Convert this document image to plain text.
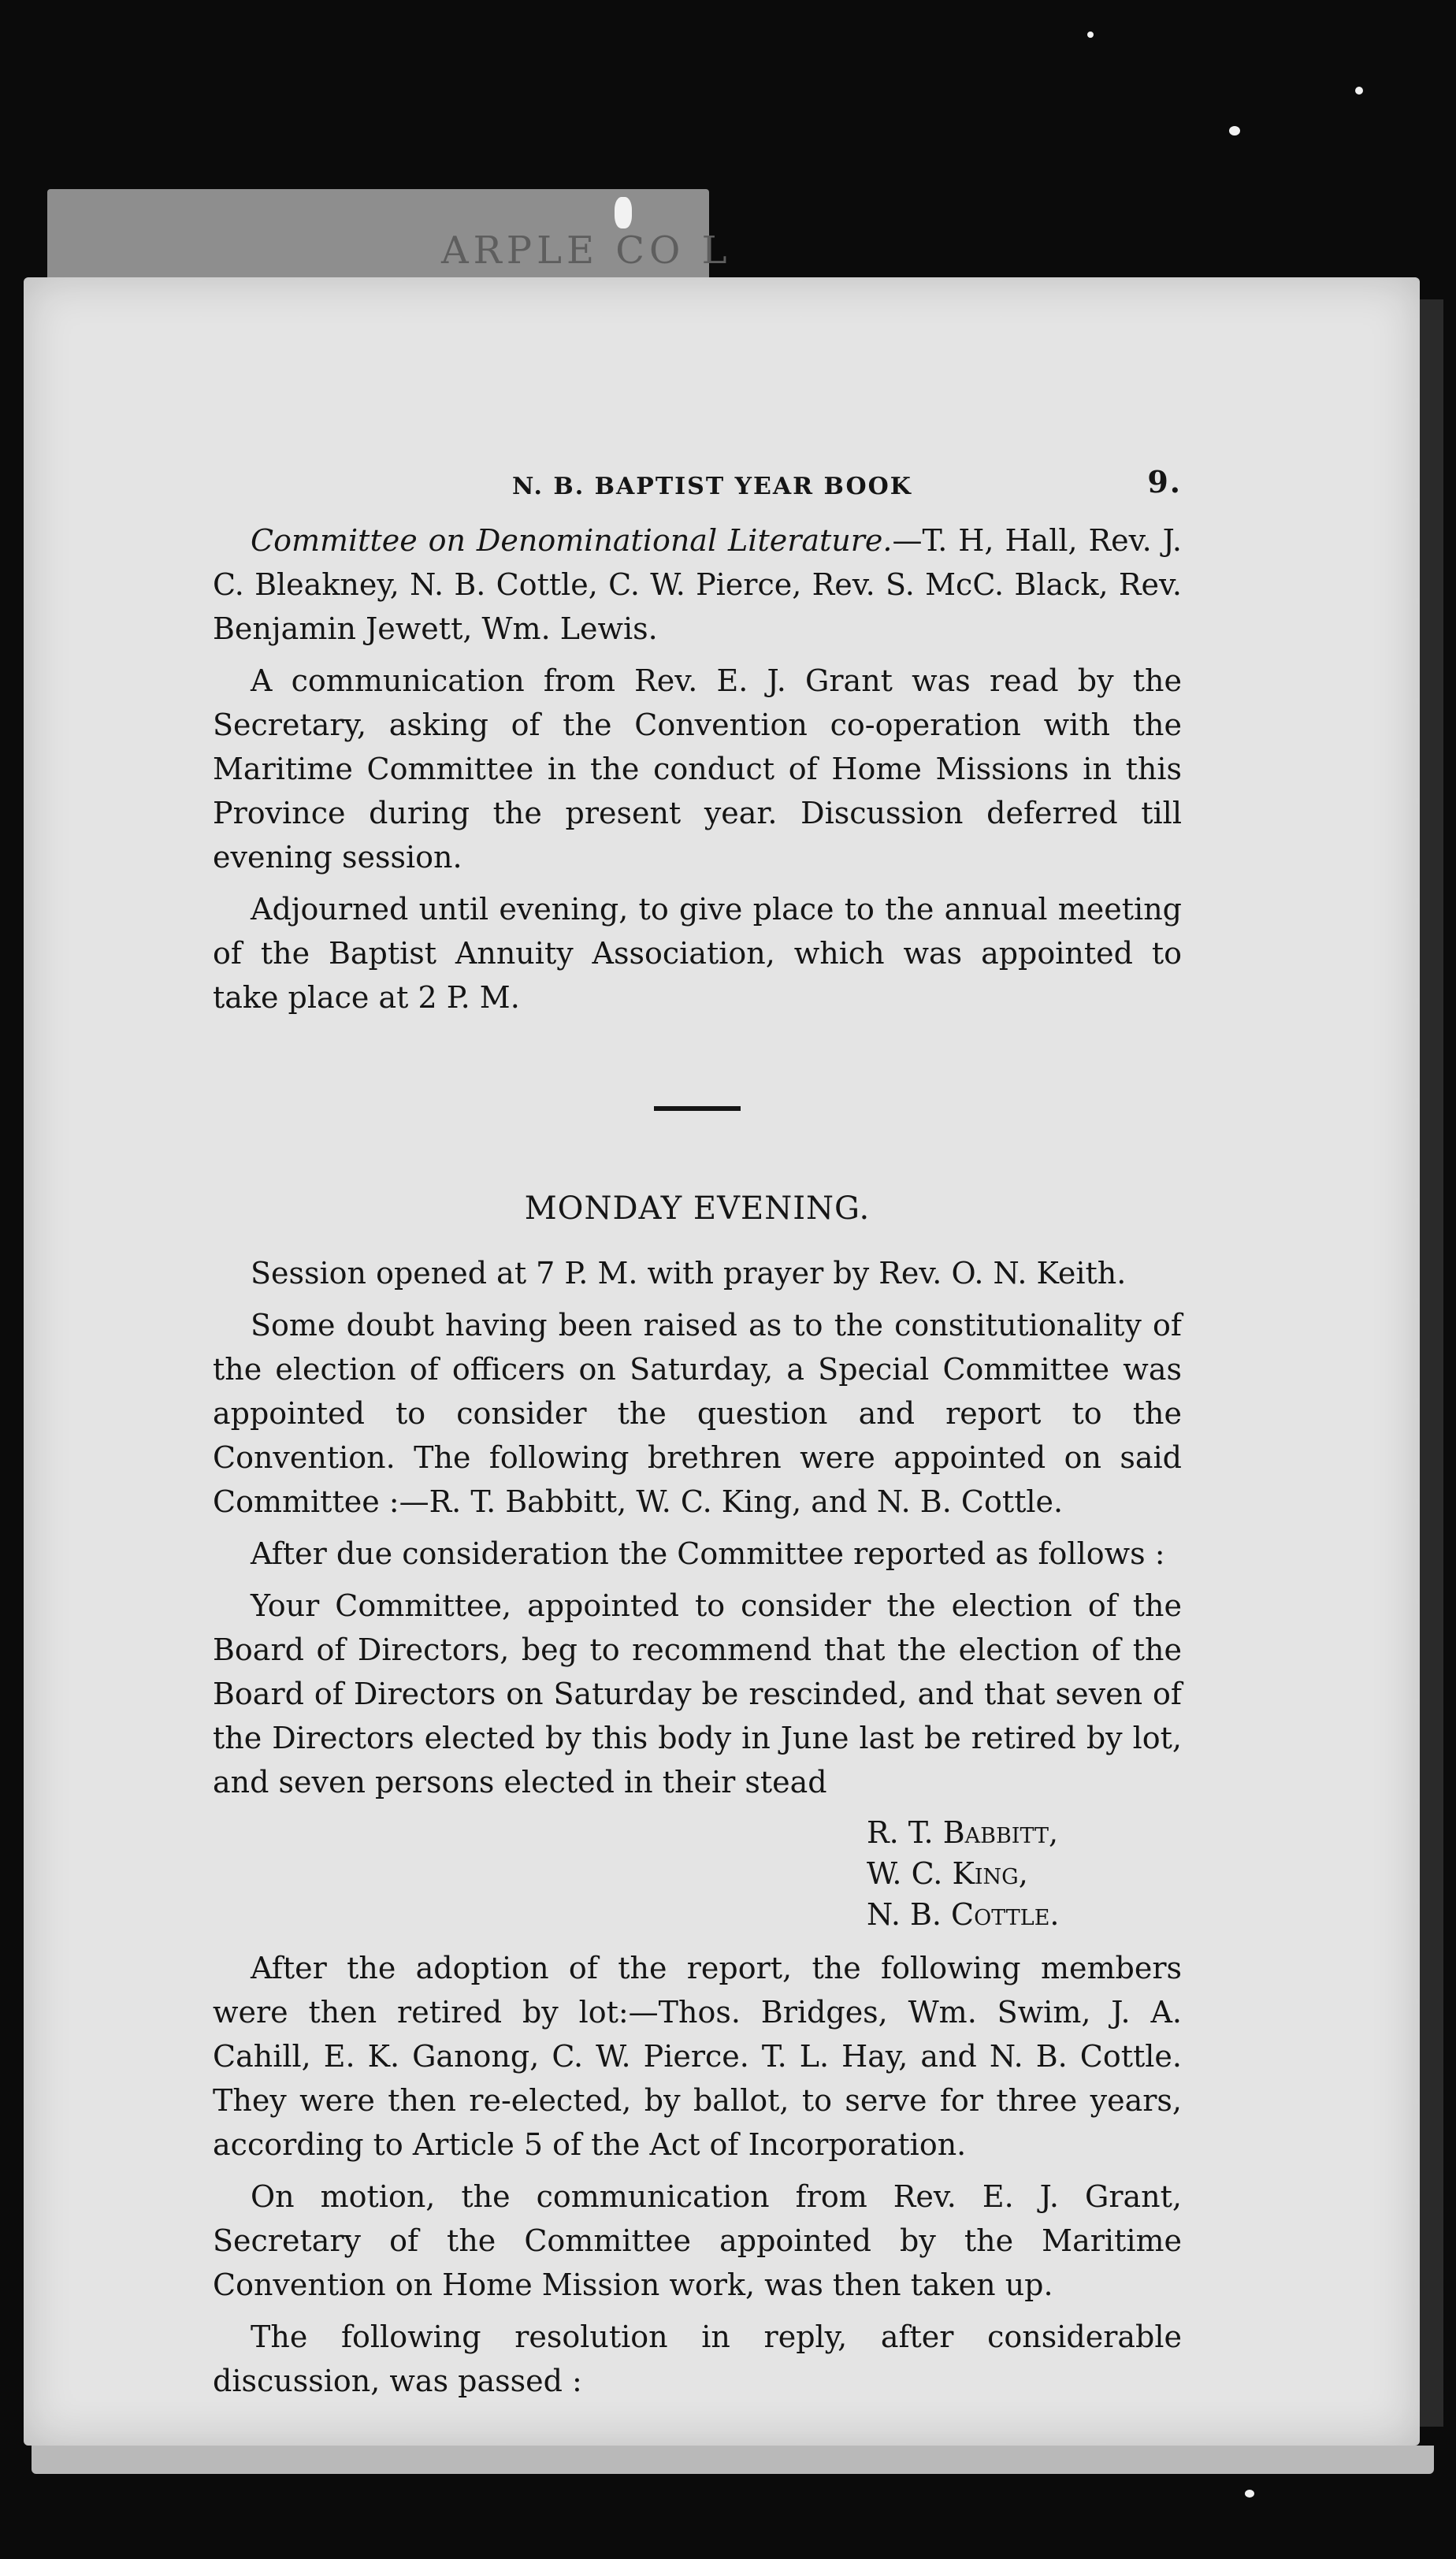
ARPLE CO L
N. B. BAPTIST YEAR BOOK	9.

Committee on Denominational Literature.—T. H, Hall, Rev. J. C. Bleakney, N. B. Cottle, C. W. Pierce, Rev. S. McC. Black, Rev. Benjamin Jewett, Wm. Lewis.

A communication from Rev. E. J. Grant was read by the Secretary, asking of the Convention co-operation with the Maritime Committee in the conduct of Home Missions in this Province during the present year. Discussion deferred till evening session.

Adjourned until evening, to give place to the annual meeting of the Baptist Annuity Association, which was appointed to take place at 2 P. M.

MONDAY EVENING.

Session opened at 7 P. M. with prayer by Rev. O. N. Keith.

Some doubt having been raised as to the constitutionality of the election of officers on Saturday, a Special Committee was appointed to consider the question and report to the Convention. The following brethren were appointed on said Committee :—R. T. Babbitt, W. C. King, and N. B. Cottle.

After due consideration the Committee reported as follows :

Your Committee, appointed to consider the election of the Board of Directors, beg to recommend that the election of the Board of Directors on Saturday be rescinded, and that seven of the Directors elected by this body in June last be retired by lot, and seven persons elected in their stead

R. T. Babbitt,
W. C. King,
N. B. Cottle.

After the adoption of the report, the following members were then retired by lot:—Thos. Bridges, Wm. Swim, J. A. Cahill, E. K. Ganong, C. W. Pierce. T. L. Hay, and N. B. Cottle. They were then re-elected, by ballot, to serve for three years, according to Article 5 of the Act of Incorporation.

On motion, the communication from Rev. E. J. Grant, Secretary of the Committee appointed by the Maritime Convention on Home Mission work, was then taken up.

The following resolution in reply, after considerable discussion, was passed :
